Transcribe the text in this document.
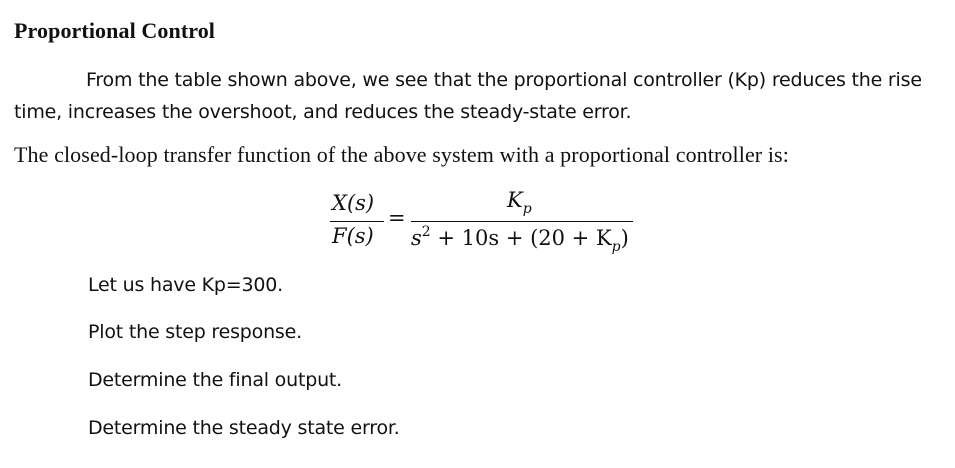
Proportional Control
From the table shown above, we see that the proportional controller (Kp) reduces the rise time, increases the overshoot, and reduces the steady-state error.
The closed-loop transfer function of the above system with a proportional controller is:
X(s)
F(s)
=
$K_p$
$s^2 + 10s + (20 + K_p)$
Let us have Kp=300.
Plot the step response.
Determine the final output.
Determine the steady state error.
